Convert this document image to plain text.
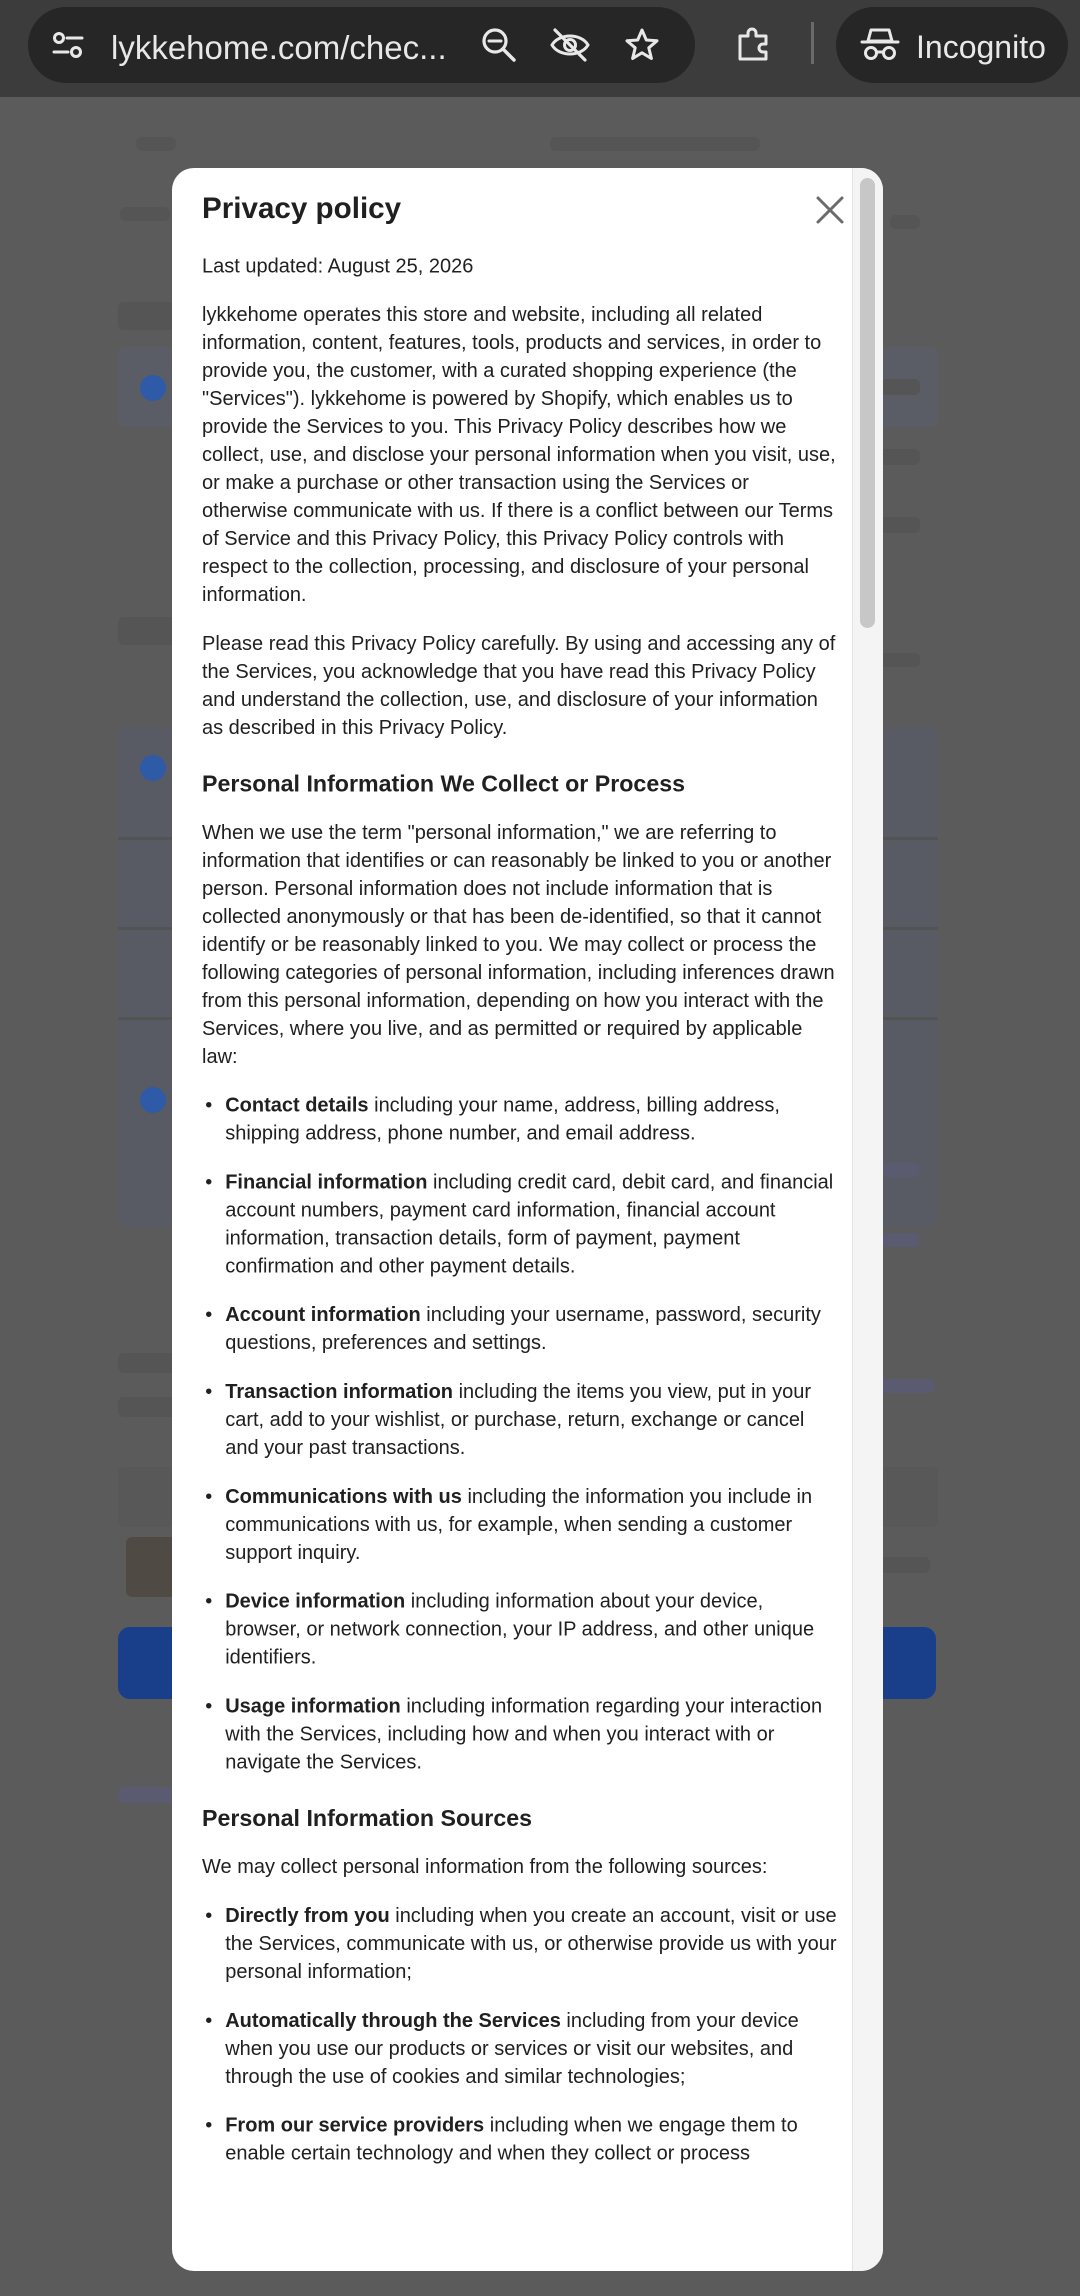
lykkehome.com/chec...	Incognito
Privacy policy
Last updated: August 25, 2026

lykkehome operates this store and website, including all related information, content, features, tools, products and services, in order to provide you, the customer, with a curated shopping experience (the "Services"). lykkehome is powered by Shopify, which enables us to provide the Services to you. This Privacy Policy describes how we collect, use, and disclose your personal information when you visit, use, or make a purchase or other transaction using the Services or otherwise communicate with us. If there is a conflict between our Terms of Service and this Privacy Policy, this Privacy Policy controls with respect to the collection, processing, and disclosure of your personal information.

Please read this Privacy Policy carefully. By using and accessing any of the Services, you acknowledge that you have read this Privacy Policy and understand the collection, use, and disclosure of your information as described in this Privacy Policy.

Personal Information We Collect or Process

When we use the term "personal information," we are referring to information that identifies or can reasonably be linked to you or another person. Personal information does not include information that is collected anonymously or that has been de-identified, so that it cannot identify or be reasonably linked to you. We may collect or process the following categories of personal information, including inferences drawn from this personal information, depending on how you interact with the Services, where you live, and as permitted or required by applicable law:

• Contact details including your name, address, billing address, shipping address, phone number, and email address.
• Financial information including credit card, debit card, and financial account numbers, payment card information, financial account information, transaction details, form of payment, payment confirmation and other payment details.
• Account information including your username, password, security questions, preferences and settings.
• Transaction information including the items you view, put in your cart, add to your wishlist, or purchase, return, exchange or cancel and your past transactions.
• Communications with us including the information you include in communications with us, for example, when sending a customer support inquiry.
• Device information including information about your device, browser, or network connection, your IP address, and other unique identifiers.
• Usage information including information regarding your interaction with the Services, including how and when you interact with or navigate the Services.
Personal Information Sources

We may collect personal information from the following sources:

• Directly from you including when you create an account, visit or use the Services, communicate with us, or otherwise provide us with your personal information;
• Automatically through the Services including from your device when you use our products or services or visit our websites, and through the use of cookies and similar technologies;
• From our service providers including when we engage them to enable certain technology and when they collect or process
